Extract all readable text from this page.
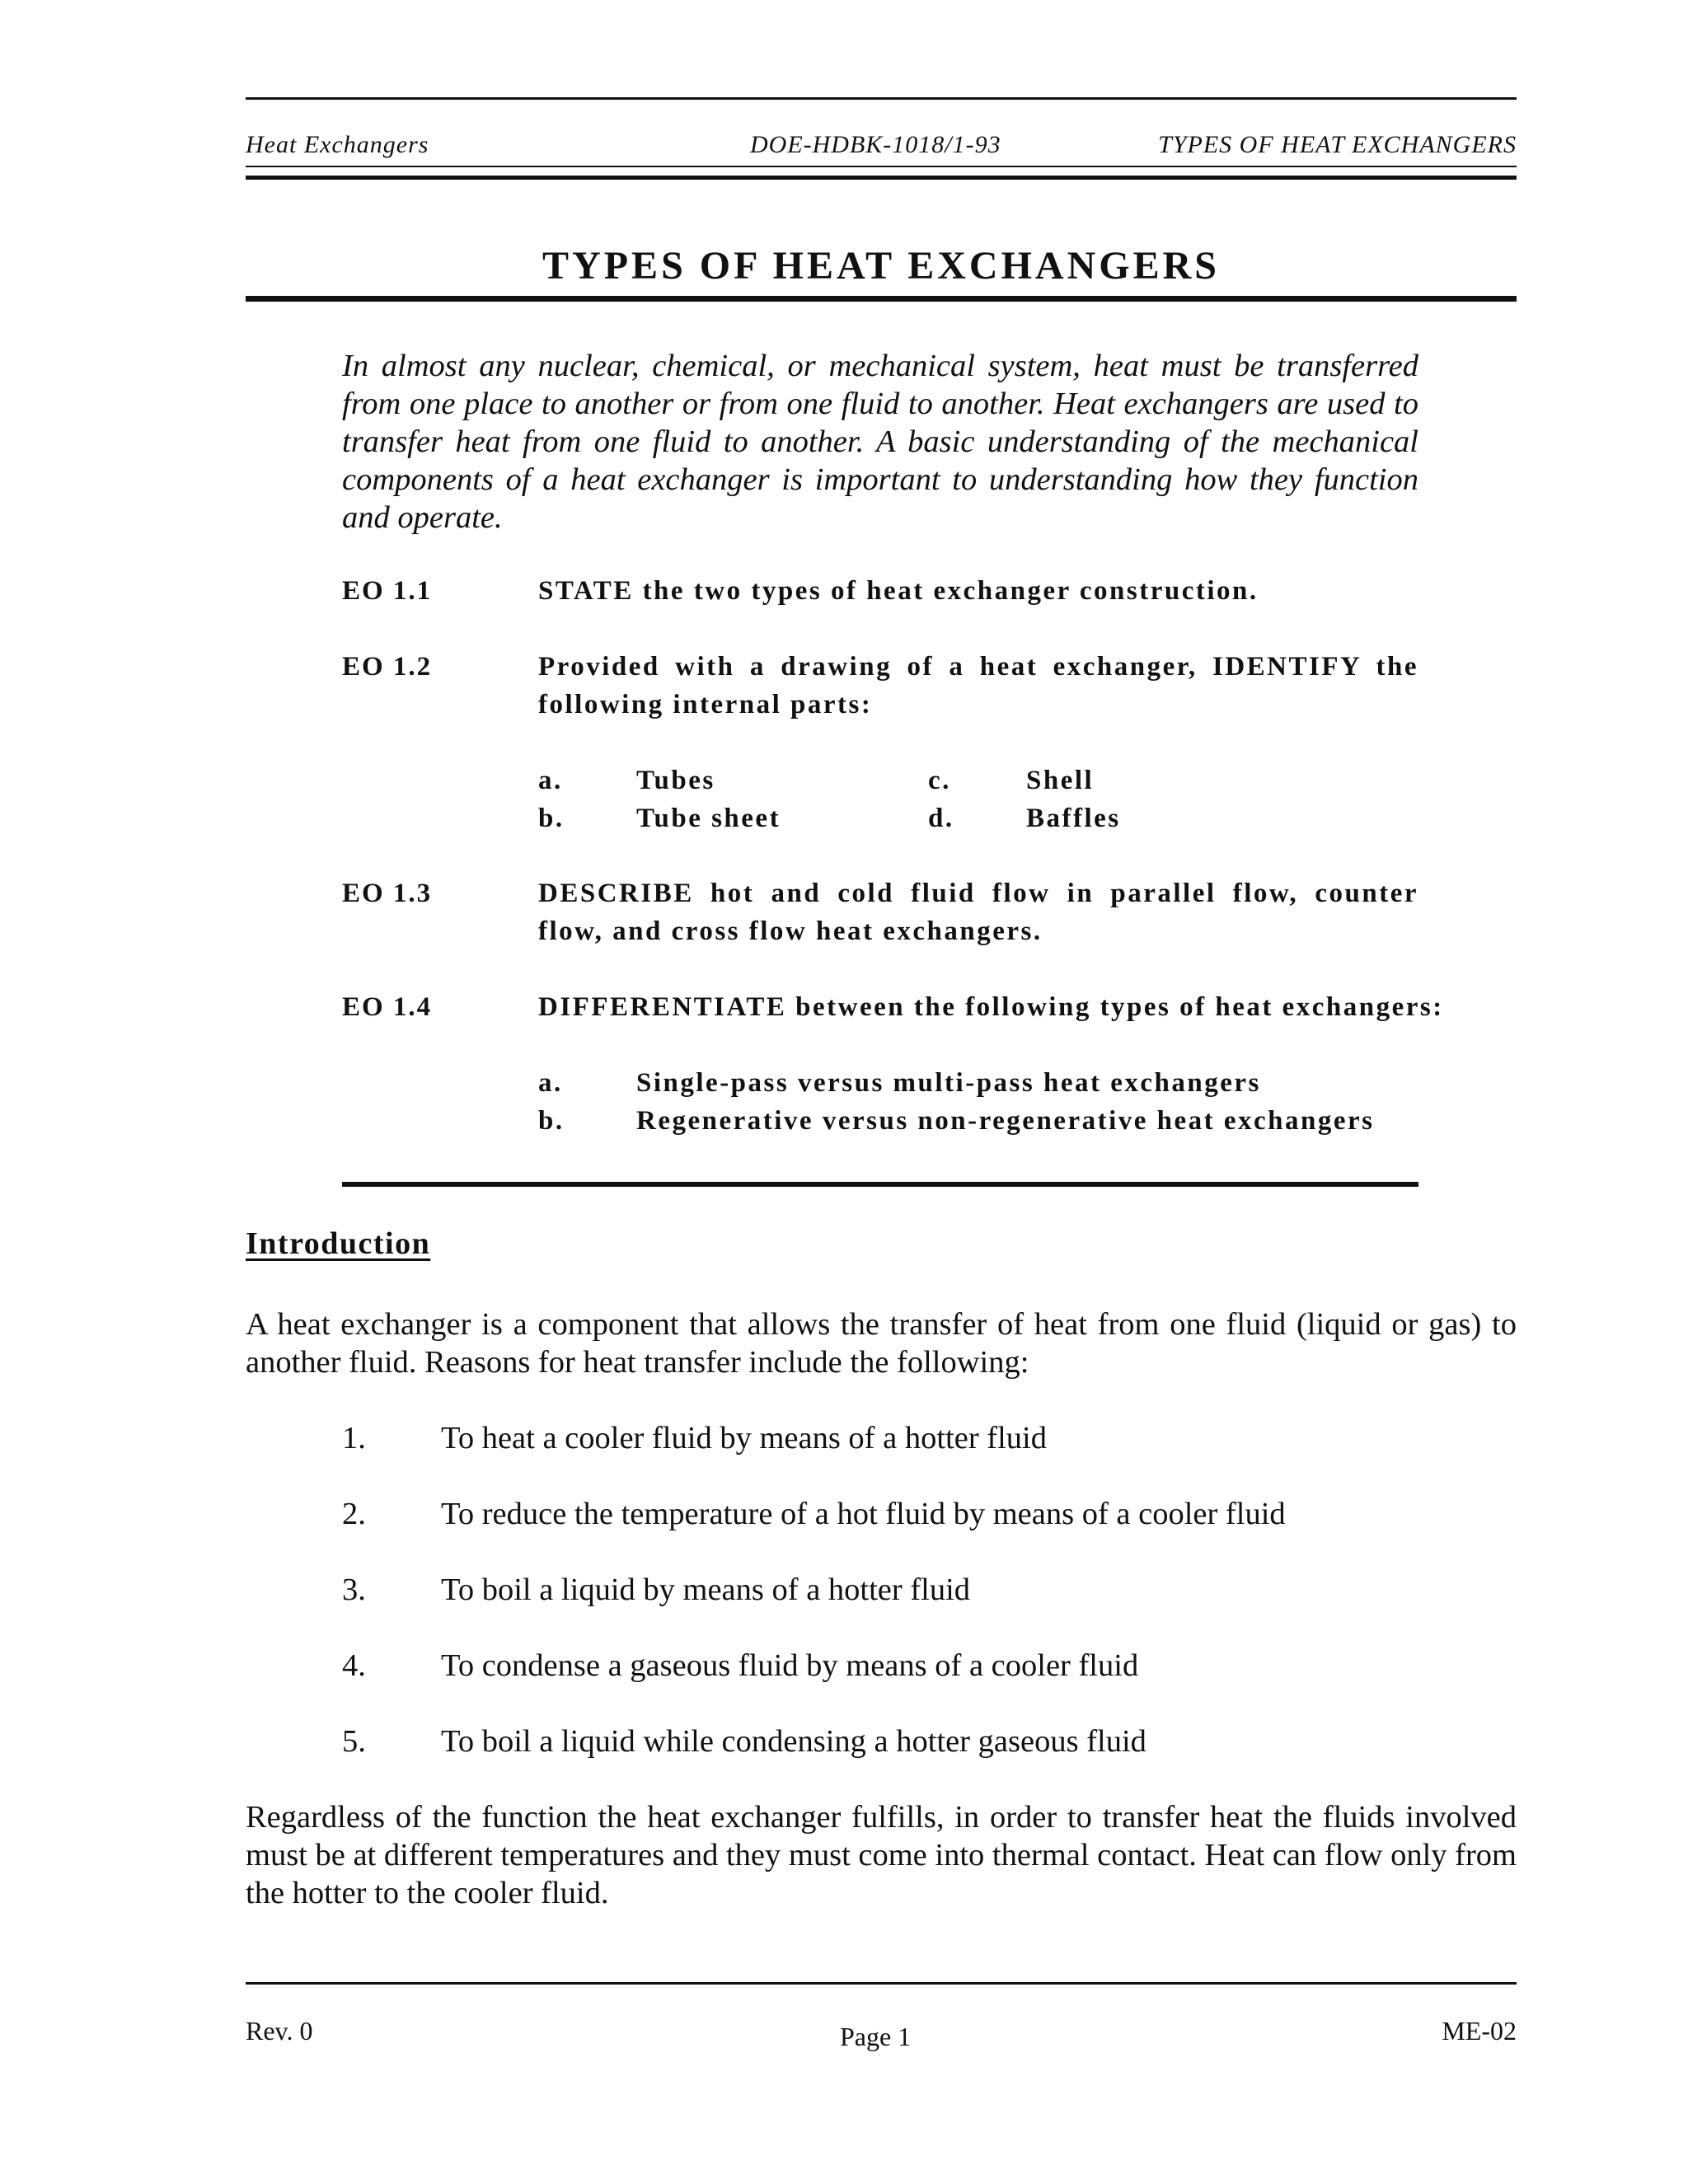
Heat Exchangers	DOE-HDBK-1018/1-93	TYPES OF HEAT EXCHANGERS
TYPES OF HEAT EXCHANGERS

In almost any nuclear, chemical, or mechanical system, heat must be transferred from one place to another or from one fluid to another. Heat exchangers are used to transfer heat from one fluid to another. A basic understanding of the mechanical components of a heat exchanger is important to understanding how they function and operate.

EO 1.1	STATE the two types of heat exchanger construction.

EO 1.2	Provided with a drawing of a heat exchanger, IDENTIFY the following internal parts:

a.	Tubes
b.	Tube sheet
c.	Shell
d.	Baffles
EO 1.3	DESCRIBE hot and cold fluid flow in parallel flow, counter flow, and cross flow heat exchangers.

EO 1.4	DIFFERENTIATE between the following types of heat exchangers:

a.	Single-pass versus multi-pass heat exchangers
b.	Regenerative versus non-regenerative heat exchangers
Introduction

A heat exchanger is a component that allows the transfer of heat from one fluid (liquid or gas) to another fluid. Reasons for heat transfer include the following:

1. To heat a cooler fluid by means of a hotter fluid
2. To reduce the temperature of a hot fluid by means of a cooler fluid
3. To boil a liquid by means of a hotter fluid
4. To condense a gaseous fluid by means of a cooler fluid
5. To boil a liquid while condensing a hotter gaseous fluid

Regardless of the function the heat exchanger fulfills, in order to transfer heat the fluids involved must be at different temperatures and they must come into thermal contact. Heat can flow only from the hotter to the cooler fluid.

Rev. 0	Page 1	ME-02
